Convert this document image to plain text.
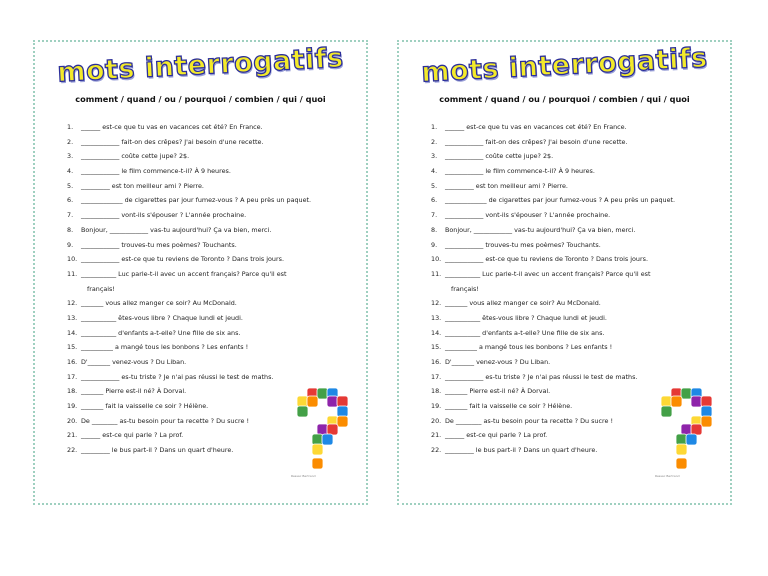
mots interrogatifs
comment / quand / ou / pourquoi / combien / qui / quoi
1. ______ est-ce que tu vas en vacances cet été? En France.
2. ____________ fait-on des crêpes? J'ai besoin d'une recette.
3. ____________ coûte cette jupe? 2$.
4. ____________ le film commence-t-il? À 9 heures.
5. _________ est ton meilleur ami ? Pierre.
6. _____________ de cigarettes par jour fumez-vous ? A peu près un paquet.
7. ____________ vont-ils s'épouser ? L'année prochaine.
8. Bonjour, ____________ vas-tu aujourd'hui? Ça va bien, merci.
9. ____________ trouves-tu mes poèmes? Touchants.
10. ____________ est-ce que tu reviens de Toronto ? Dans trois jours.
11. ___________ Luc parle-t-il avec un accent français? Parce qu'il est
français!
12. _______ vous allez manger ce soir? Au McDonald.
13. ___________ êtes-vous libre ? Chaque lundi et jeudi.
14. ___________ d'enfants a-t-elle? Une fille de six ans.
15. __________ a mangé tous les bonbons ? Les enfants !
16. D'_______ venez-vous ? Du Liban.
17. ____________ es-tu triste ? Je n'ai pas réussi le test de maths.
18. _______ Pierre est-il né? À Dorval.
19. _______ fait la vaisselle ce soir ? Hélène.
20. De ________ as-tu besoin pour ta recette ? Du sucre !
21. ______ est-ce qui parle ? La prof.
22. _________ le bus part-il ? Dans un quart d'heure.
Ressac Bertrand
mots interrogatifs
comment / quand / ou / pourquoi / combien / qui / quoi
1. ______ est-ce que tu vas en vacances cet été? En France.
2. ____________ fait-on des crêpes? J'ai besoin d'une recette.
3. ____________ coûte cette jupe? 2$.
4. ____________ le film commence-t-il? À 9 heures.
5. _________ est ton meilleur ami ? Pierre.
6. _____________ de cigarettes par jour fumez-vous ? A peu près un paquet.
7. ____________ vont-ils s'épouser ? L'année prochaine.
8. Bonjour, ____________ vas-tu aujourd'hui? Ça va bien, merci.
9. ____________ trouves-tu mes poèmes? Touchants.
10. ____________ est-ce que tu reviens de Toronto ? Dans trois jours.
11. ___________ Luc parle-t-il avec un accent français? Parce qu'il est
français!
12. _______ vous allez manger ce soir? Au McDonald.
13. ___________ êtes-vous libre ? Chaque lundi et jeudi.
14. ___________ d'enfants a-t-elle? Une fille de six ans.
15. __________ a mangé tous les bonbons ? Les enfants !
16. D'_______ venez-vous ? Du Liban.
17. ____________ es-tu triste ? Je n'ai pas réussi le test de maths.
18. _______ Pierre est-il né? À Dorval.
19. _______ fait la vaisselle ce soir ? Hélène.
20. De ________ as-tu besoin pour ta recette ? Du sucre !
21. ______ est-ce qui parle ? La prof.
22. _________ le bus part-il ? Dans un quart d'heure.
Ressac Bertrand
